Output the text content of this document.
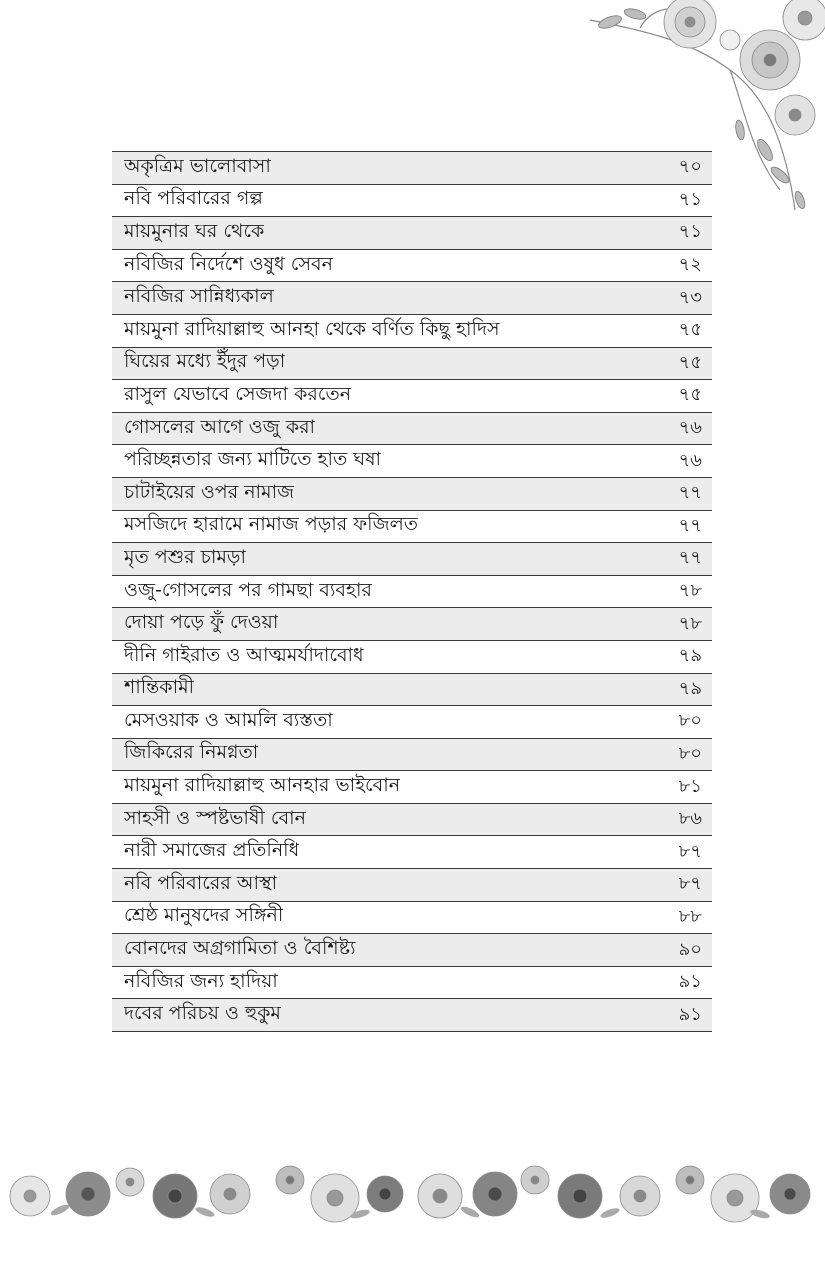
অকৃত্রিম ভালোবাসা	৭০
নবি পরিবারের গল্প	৭১
মায়মুনার ঘর থেকে	৭১
নবিজির নির্দেশে ওষুধ সেবন	৭২
নবিজির সান্নিধ্যকাল	৭৩
মায়মুনা রাদিয়াল্লাহু আনহা থেকে বর্ণিত কিছু হাদিস	৭৫
ঘিয়ের মধ্যে ইঁদুর পড়া	৭৫
রাসুল যেভাবে সেজদা করতেন	৭৫
গোসলের আগে ওজু করা	৭৬
পরিচ্ছন্নতার জন্য মাটিতে হাত ঘষা	৭৬
চাটাইয়ের ওপর নামাজ	৭৭
মসজিদে হারামে নামাজ পড়ার ফজিলত	৭৭
মৃত পশুর চামড়া	৭৭
ওজু-গোসলের পর গামছা ব্যবহার	৭৮
দোয়া পড়ে ফুঁ দেওয়া	৭৮
দীনি গাইরাত ও আত্মমর্যাদাবোধ	৭৯
শান্তিকামী	৭৯
মেসওয়াক ও আমলি ব্যস্ততা	৮০
জিকিরের নিমগ্নতা	৮০
মায়মুনা রাদিয়াল্লাহু আনহার ভাইবোন	৮১
সাহসী ও স্পষ্টভাষী বোন	৮৬
নারী সমাজের প্রতিনিধি	৮৭
নবি পরিবারের আস্থা	৮৭
শ্রেষ্ঠ মানুষদের সঙ্গিনী	৮৮
বোনদের অগ্রগামিতা ও বৈশিষ্ট্য	৯০
নবিজির জন্য হাদিয়া	৯১
দবের পরিচয় ও হুকুম	৯১
